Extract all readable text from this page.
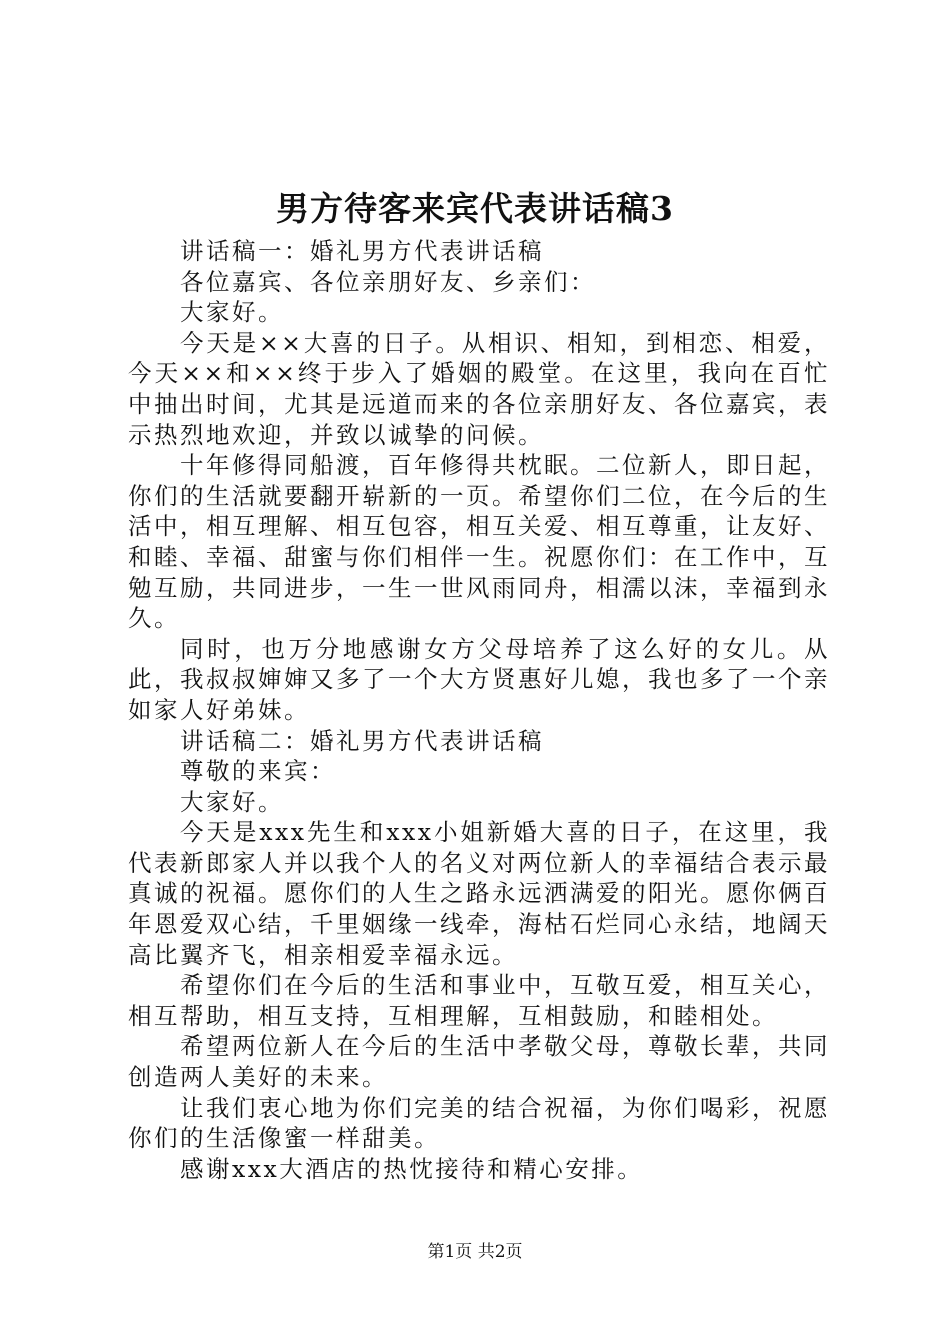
男方待客来宾代表讲话稿3

讲话稿一：婚礼男方代表讲话稿

各位嘉宾、各位亲朋好友、乡亲们：

大家好。

今天是××大喜的日子。从相识、相知，到相恋、相爱，今天××和××终于步入了婚姻的殿堂。在这里，我向在百忙中抽出时间，尤其是远道而来的各位亲朋好友、各位嘉宾，表示热烈地欢迎，并致以诚挚的问候。

十年修得同船渡，百年修得共枕眠。二位新人，即日起，你们的生活就要翻开崭新的一页。希望你们二位，在今后的生活中，相互理解、相互包容，相互关爱、相互尊重，让友好、和睦、幸福、甜蜜与你们相伴一生。祝愿你们：在工作中，互勉互励，共同进步，一生一世风雨同舟，相濡以沫，幸福到永久。

同时，也万分地感谢女方父母培养了这么好的女儿。从此，我叔叔婶婶又多了一个大方贤惠好儿媳，我也多了一个亲如家人好弟妹。

讲话稿二：婚礼男方代表讲话稿

尊敬的来宾：

大家好。

今天是xxx先生和xxx小姐新婚大喜的日子，在这里，我代表新郎家人并以我个人的名义对两位新人的幸福结合表示最真诚的祝福。愿你们的人生之路永远洒满爱的阳光。愿你俩百年恩爱双心结，千里姻缘一线牵，海枯石烂同心永结，地阔天高比翼齐飞，相亲相爱幸福永远。

希望你们在今后的生活和事业中，互敬互爱，相互关心，相互帮助，相互支持，互相理解，互相鼓励，和睦相处。

希望两位新人在今后的生活中孝敬父母，尊敬长辈，共同创造两人美好的未来。

让我们衷心地为你们完美的结合祝福，为你们喝彩，祝愿你们的生活像蜜一样甜美。

感谢xxx大酒店的热忱接待和精心安排。

第1页 共2页
